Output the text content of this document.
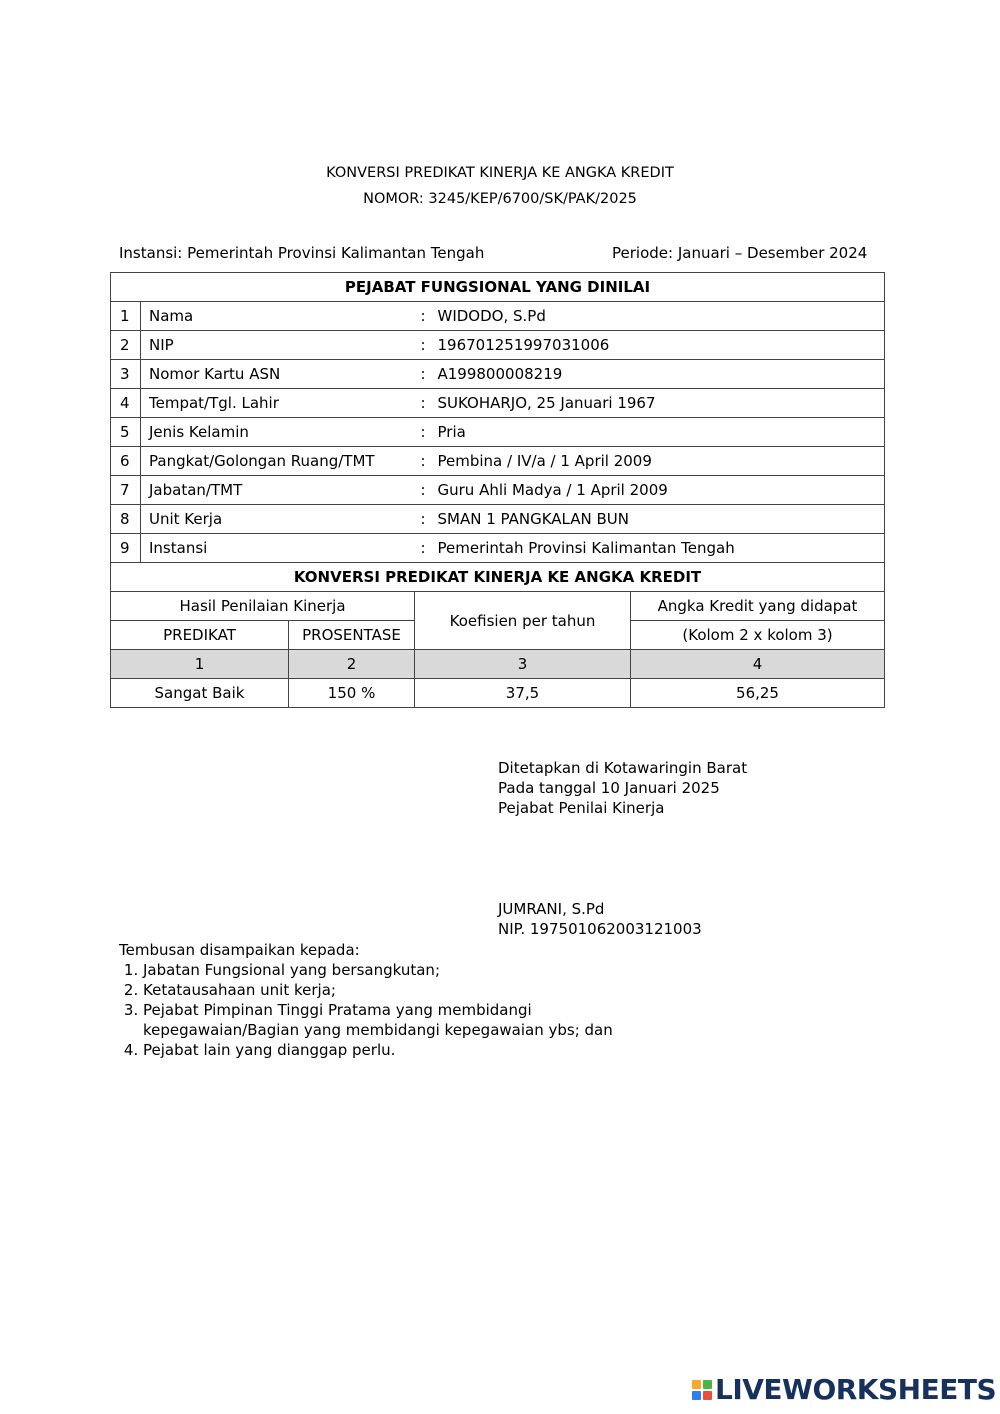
KONVERSI PREDIKAT KINERJA KE ANGKA KREDIT
NOMOR: 3245/KEP/6700/SK/PAK/2025
Instansi: Pemerintah Provinsi Kalimantan Tengah	Periode: Januari – Desember 2024
PEJABAT FUNGSIONAL YANG DINILAI					
1	Nama		:	WIDODO, S.Pd	
2	NIP		:	196701251997031006	
3	Nomor Kartu ASN		:	A199800008219	
4	Tempat/Tgl. Lahir		:	SUKOHARJO, 25 Januari 1967	
5	Jenis Kelamin		:	Pria	
6	Pangkat/Golongan Ruang/TMT		:	Pembina / IV/a / 1 April 2009	
7	Jabatan/TMT		:	Guru Ahli Madya / 1 April 2009	
8	Unit Kerja		:	SMAN 1 PANGKALAN BUN	
9	Instansi		:	Pemerintah Provinsi Kalimantan Tengah	
KONVERSI PREDIKAT KINERJA KE ANGKA KREDIT					
Hasil Penilaian Kinerja			Koefisien per tahun		Angka Kredit yang didapat
PREDIKAT		PROSENTASE			(Kolom 2 x kolom 3)
1		2	3		4
Sangat Baik		150 %	37,5		56,25
Ditetapkan di Kotawaringin Barat
Pada tanggal 10 Januari 2025
Pejabat Penilai Kinerja
JUMRANI, S.Pd
NIP. 197501062003121003
Tembusan disampaikan kepada:
1. Jabatan Fungsional yang bersangkutan;
2. Ketatausahaan unit kerja;
3. Pejabat Pimpinan Tinggi Pratama yang membidangi
kepegawaian/Bagian yang membidangi kepegawaian ybs; dan
4. Pejabat lain yang dianggap perlu.
LIVEWORKSHEETS
